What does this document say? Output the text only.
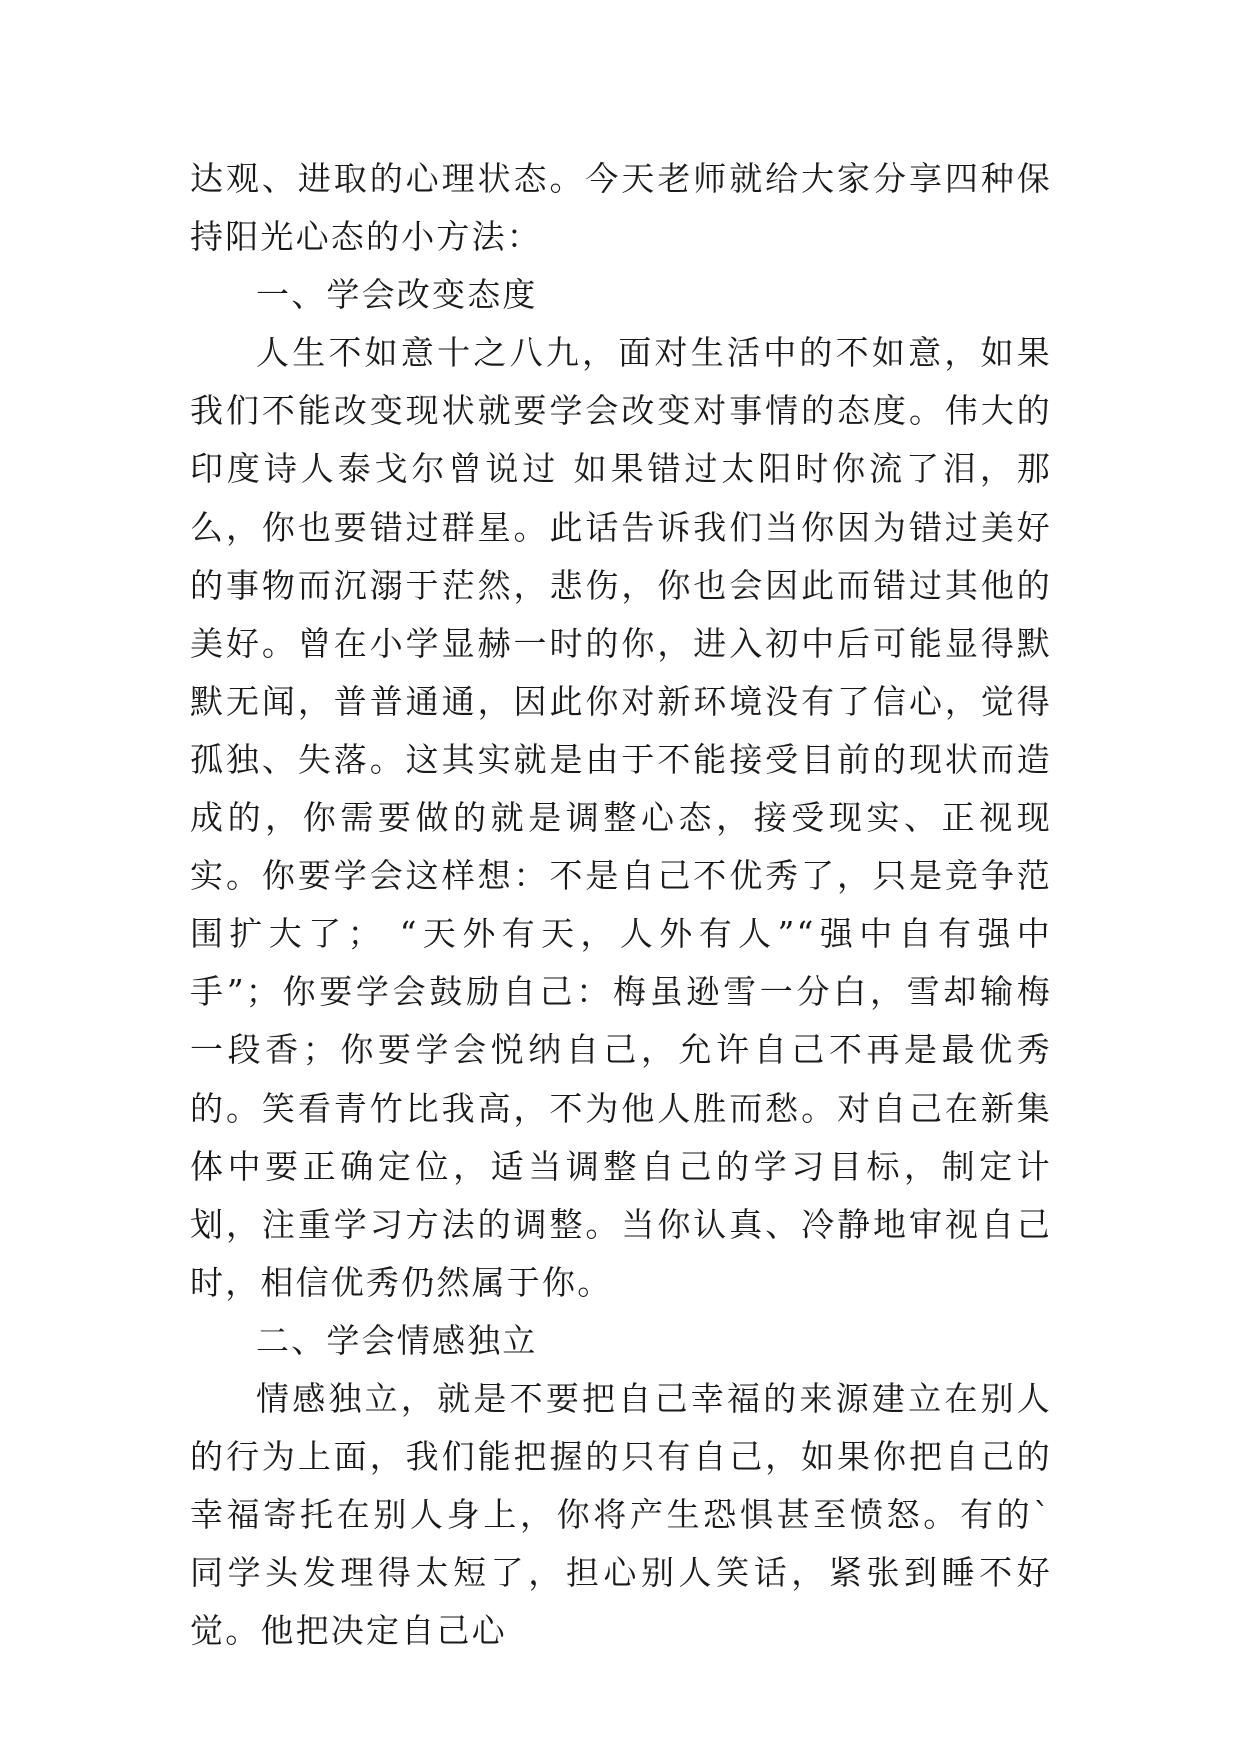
达观、进取的心理状态。今天老师就给大家分享四种保持阳光心态的小方法：

一、学会改变态度

人生不如意十之八九，面对生活中的不如意，如果我们不能改变现状就要学会改变对事情的态度。伟大的印度诗人泰戈尔曾说过 如果错过太阳时你流了泪，那么，你也要错过群星。此话告诉我们当你因为错过美好的事物而沉溺于茫然，悲伤，你也会因此而错过其他的美好。曾在小学显赫一时的你，进入初中后可能显得默默无闻，普普通通，因此你对新环境没有了信心，觉得孤独、失落。这其实就是由于不能接受目前的现状而造成的，你需要做的就是调整心态，接受现实、正视现实。你要学会这样想：不是自己不优秀了，只是竞争范围扩大了； “天外有天，人外有人”“强中自有强中手”；你要学会鼓励自己：梅虽逊雪一分白，雪却输梅一段香；你要学会悦纳自己，允许自己不再是最优秀的。笑看青竹比我高，不为他人胜而愁。对自己在新集体中要正确定位，适当调整自己的学习目标，制定计划，注重学习方法的调整。当你认真、冷静地审视自己时，相信优秀仍然属于你。

二、学会情感独立

情感独立，就是不要把自己幸福的来源建立在别人的行为上面，我们能把握的只有自己，如果你把自己的幸福寄托在别人身上，你将产生恐惧甚至愤怒。有的`同学头发理得太短了，担心别人笑话，紧张到睡不好觉。他把决定自己心
